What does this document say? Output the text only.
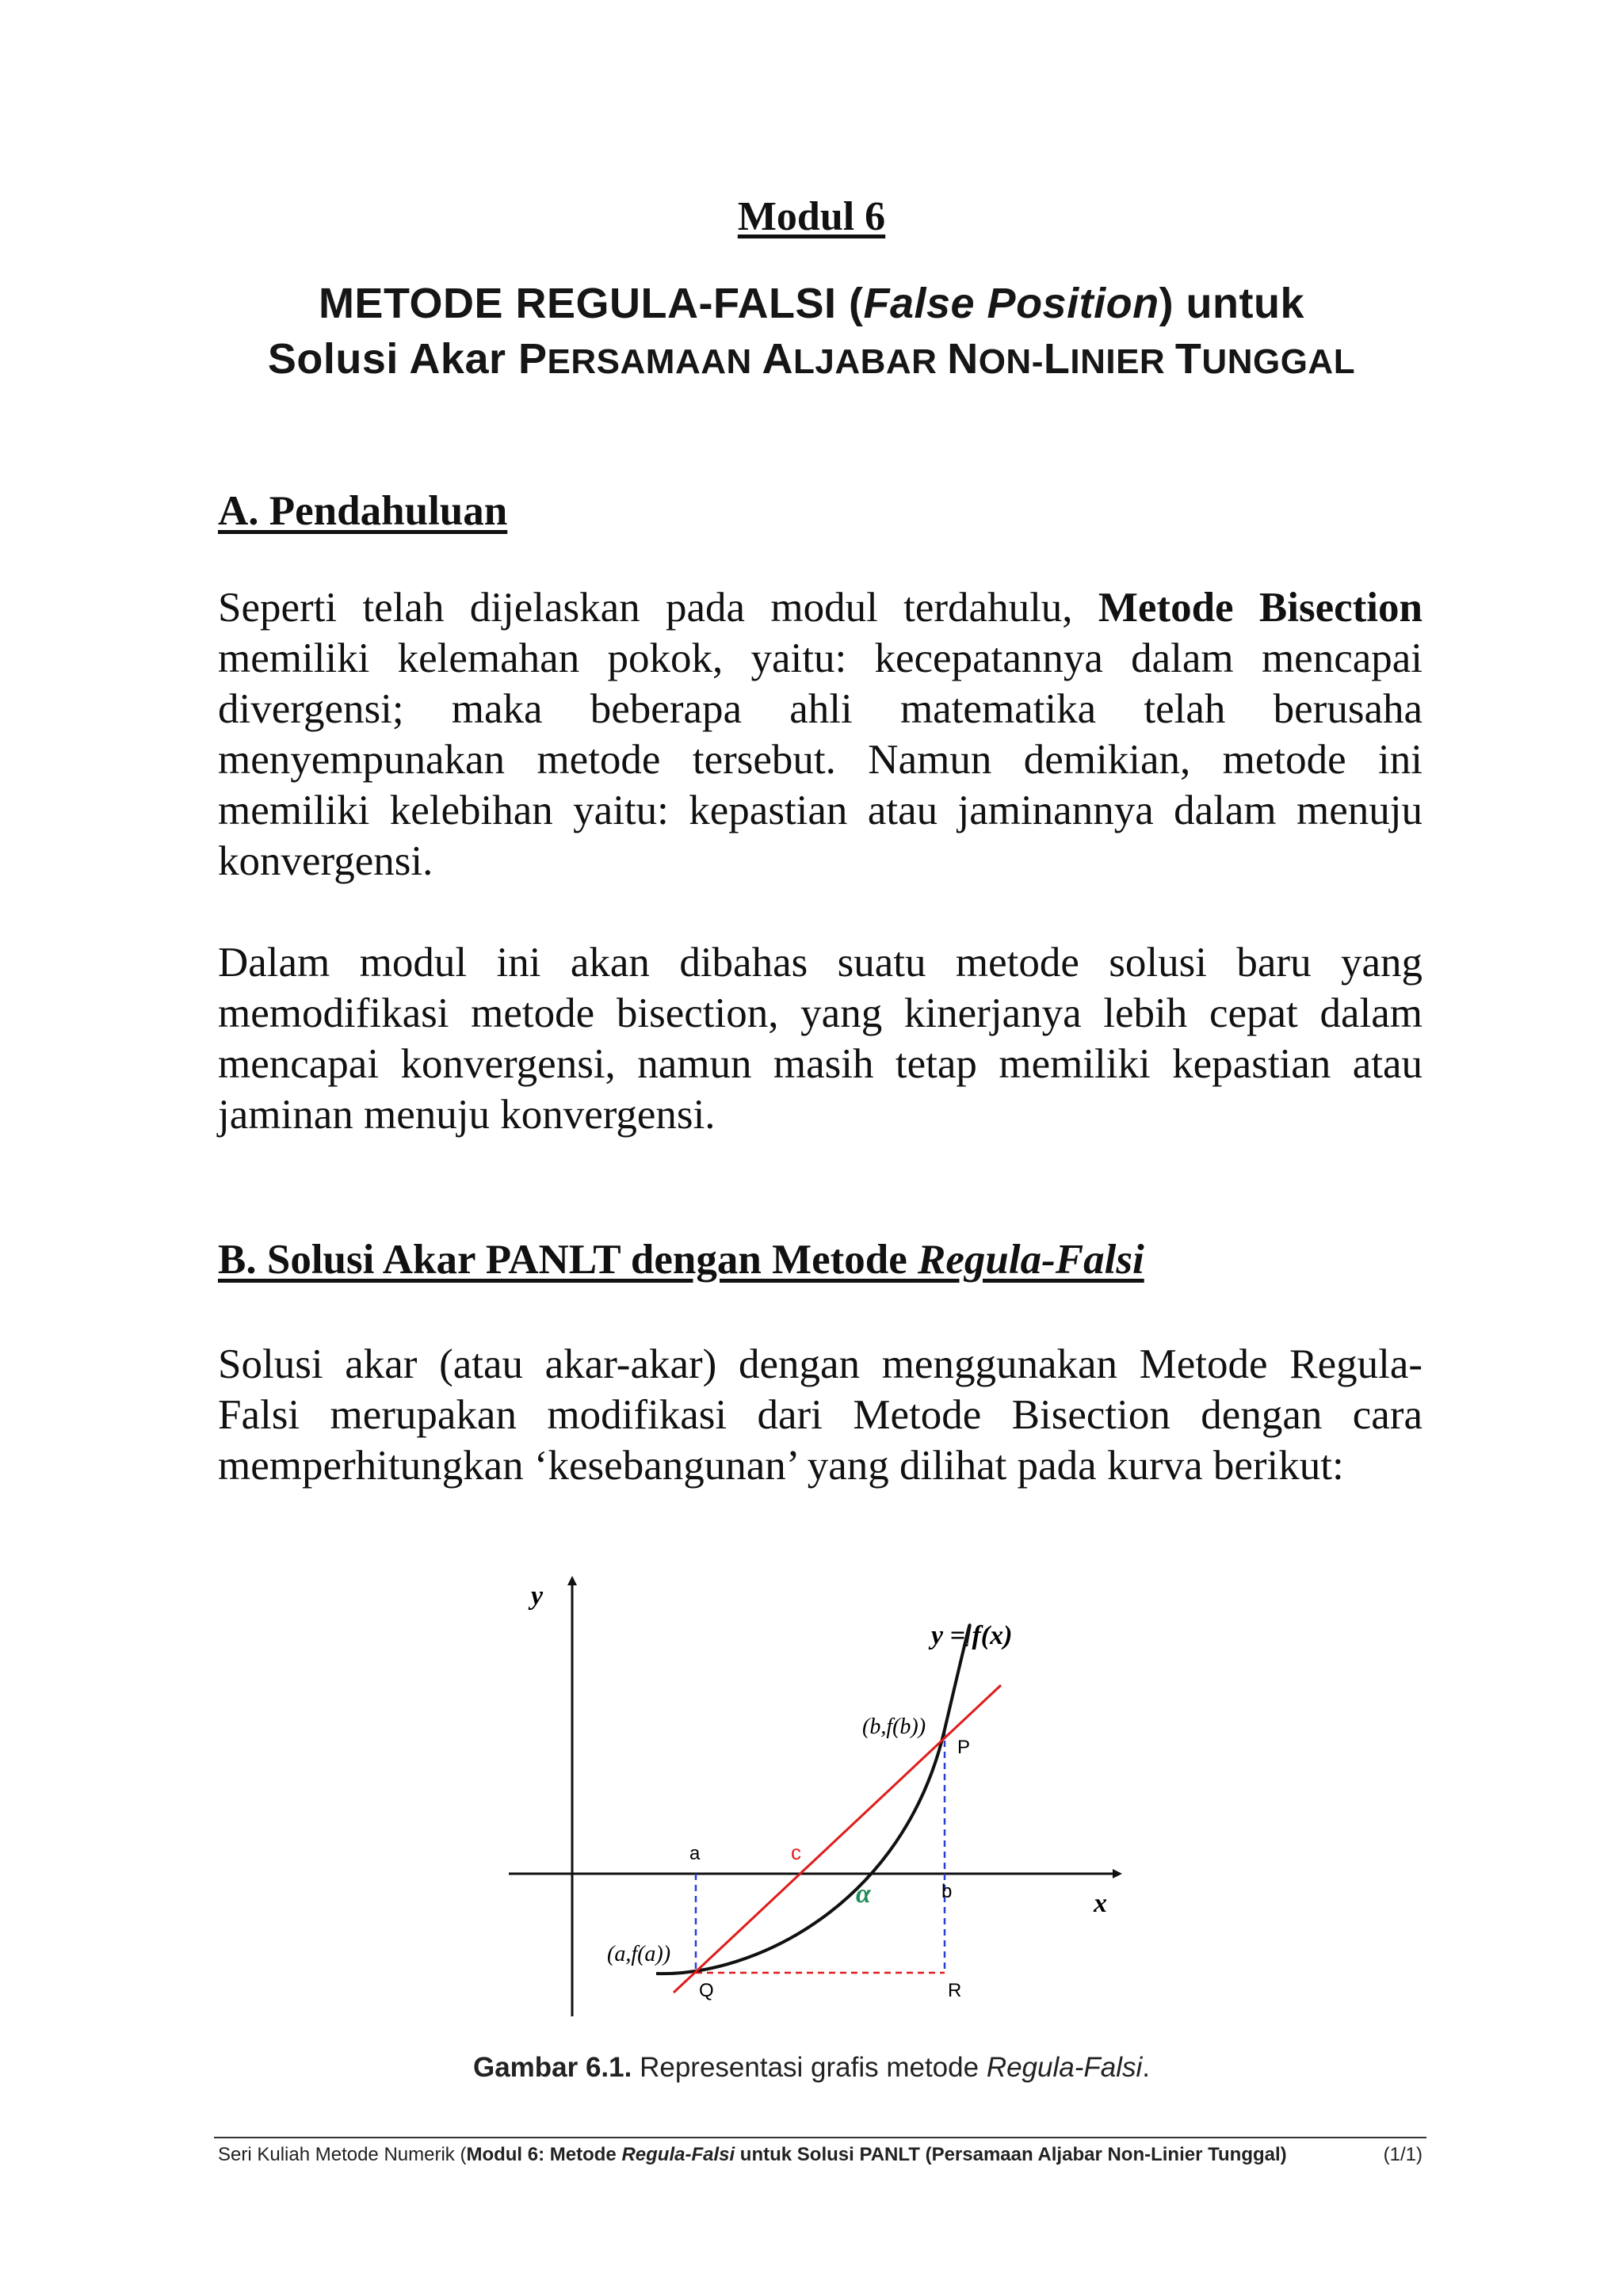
Modul 6
METODE REGULA-FALSI (False Position) untuk
Solusi Akar PERSAMAAN ALJABAR NON-LINIER TUNGGAL
A. Pendahuluan
Seperti telah dijelaskan pada modul terdahulu, Metode Bisection
memiliki kelemahan pokok, yaitu: kecepatannya dalam mencapai
divergensi; maka beberapa ahli matematika telah berusaha
menyempunakan metode tersebut. Namun demikian, metode ini
memiliki kelebihan yaitu: kepastian atau jaminannya dalam menuju
konvergensi.
Dalam modul ini akan dibahas suatu metode solusi baru yang
memodifikasi metode bisection, yang kinerjanya lebih cepat dalam
mencapai konvergensi, namun masih tetap memiliki kepastian atau
jaminan menuju konvergensi.
B. Solusi Akar PANLT dengan Metode Regula-Falsi
Solusi akar (atau akar-akar) dengan menggunakan Metode Regula-
Falsi merupakan modifikasi dari Metode Bisection dengan cara
memperhitungkan ‘kesebangunan’ yang dilihat pada kurva berikut:
y
x
y = f(x)
(b,f(b))
(a,f(a))
a
b
c
α
P
Q	R
Gambar 6.1. Representasi grafis metode Regula-Falsi.
Seri Kuliah Metode Numerik (Modul 6: Metode Regula-Falsi untuk Solusi PANLT (Persamaan Aljabar Non-Linier Tunggal)	(1/1)
